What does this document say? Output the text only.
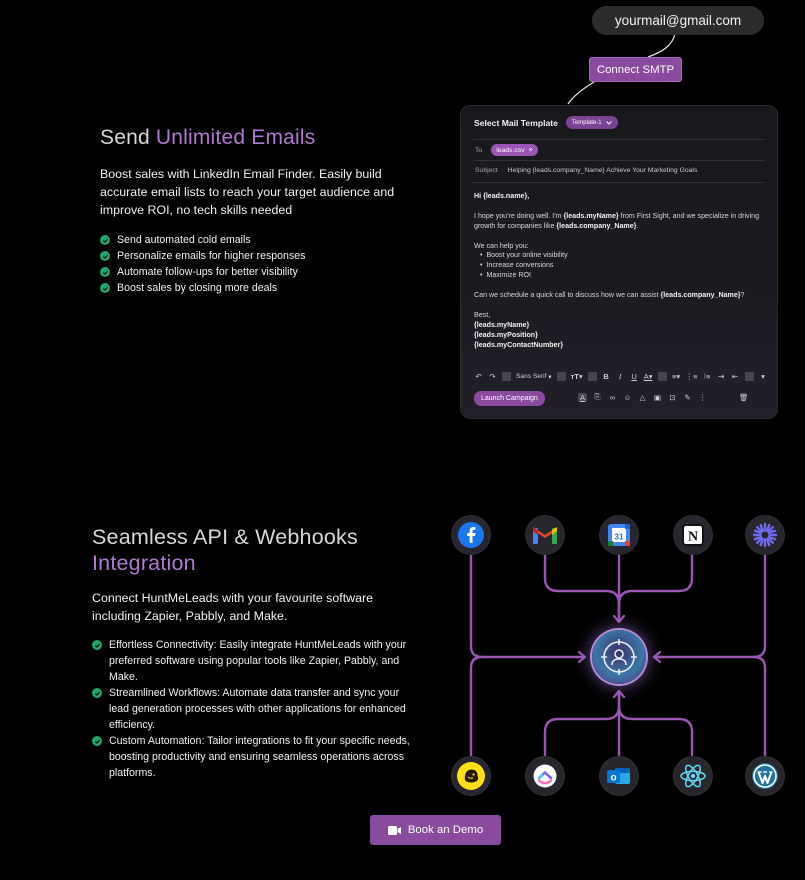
Send Unlimited Emails
Boost sales with LinkedIn Email Finder. Easily build accurate email lists to reach your target audience and improve ROI, no tech skills needed
Send automated cold emails
Personalize emails for higher responses
Automate follow-ups for better visibility
Boost sales by closing more deals
yourmail@gmail.com
Connect SMTP
Select Mail Template Template-1
To leads.csv ×
Subject Helping {leads.company_Name} Achieve Your Marketing Goals
Hi {leads.name},
I hope you're doing well. I'm {leads.myName} from First Sight, and we specialize in driving growth for companies like {leads.company_Name}.
We can help you:
•  Boost your online visibility
•  Increase conversions
•  Maximize ROI
Can we schedule a quick call to discuss how we can assist {leads.company_Name}?
Best,
{leads.myName}
{leads.myPosition}
{leads.myContactNumber}
↶ ↷	Sans Serif ▾	тT▾	B	I	U A▾	≡▾ ⋮≡ ⁝≡ ⇥ ⇤	▾
Launch Campaign	A ⎘ ∞ ☺ △ ▣ ⊡ ✎ ⋮	🗑
Seamless API & Webhooks
Integration
Connect HuntMeLeads with your favourite software including Zapier, Pabbly, and Make.
Effortless Connectivity: Easily integrate HuntMeLeads with your preferred software using popular tools like Zapier, Pabbly, and Make.
Streamlined Workflows: Automate data transfer and sync your lead generation processes with other applications for enhanced efficiency.
Custom Automation: Tailor integrations to fit your specific needs, boosting productivity and ensuring seamless operations across platforms.
31	N
o
Book an Demo
